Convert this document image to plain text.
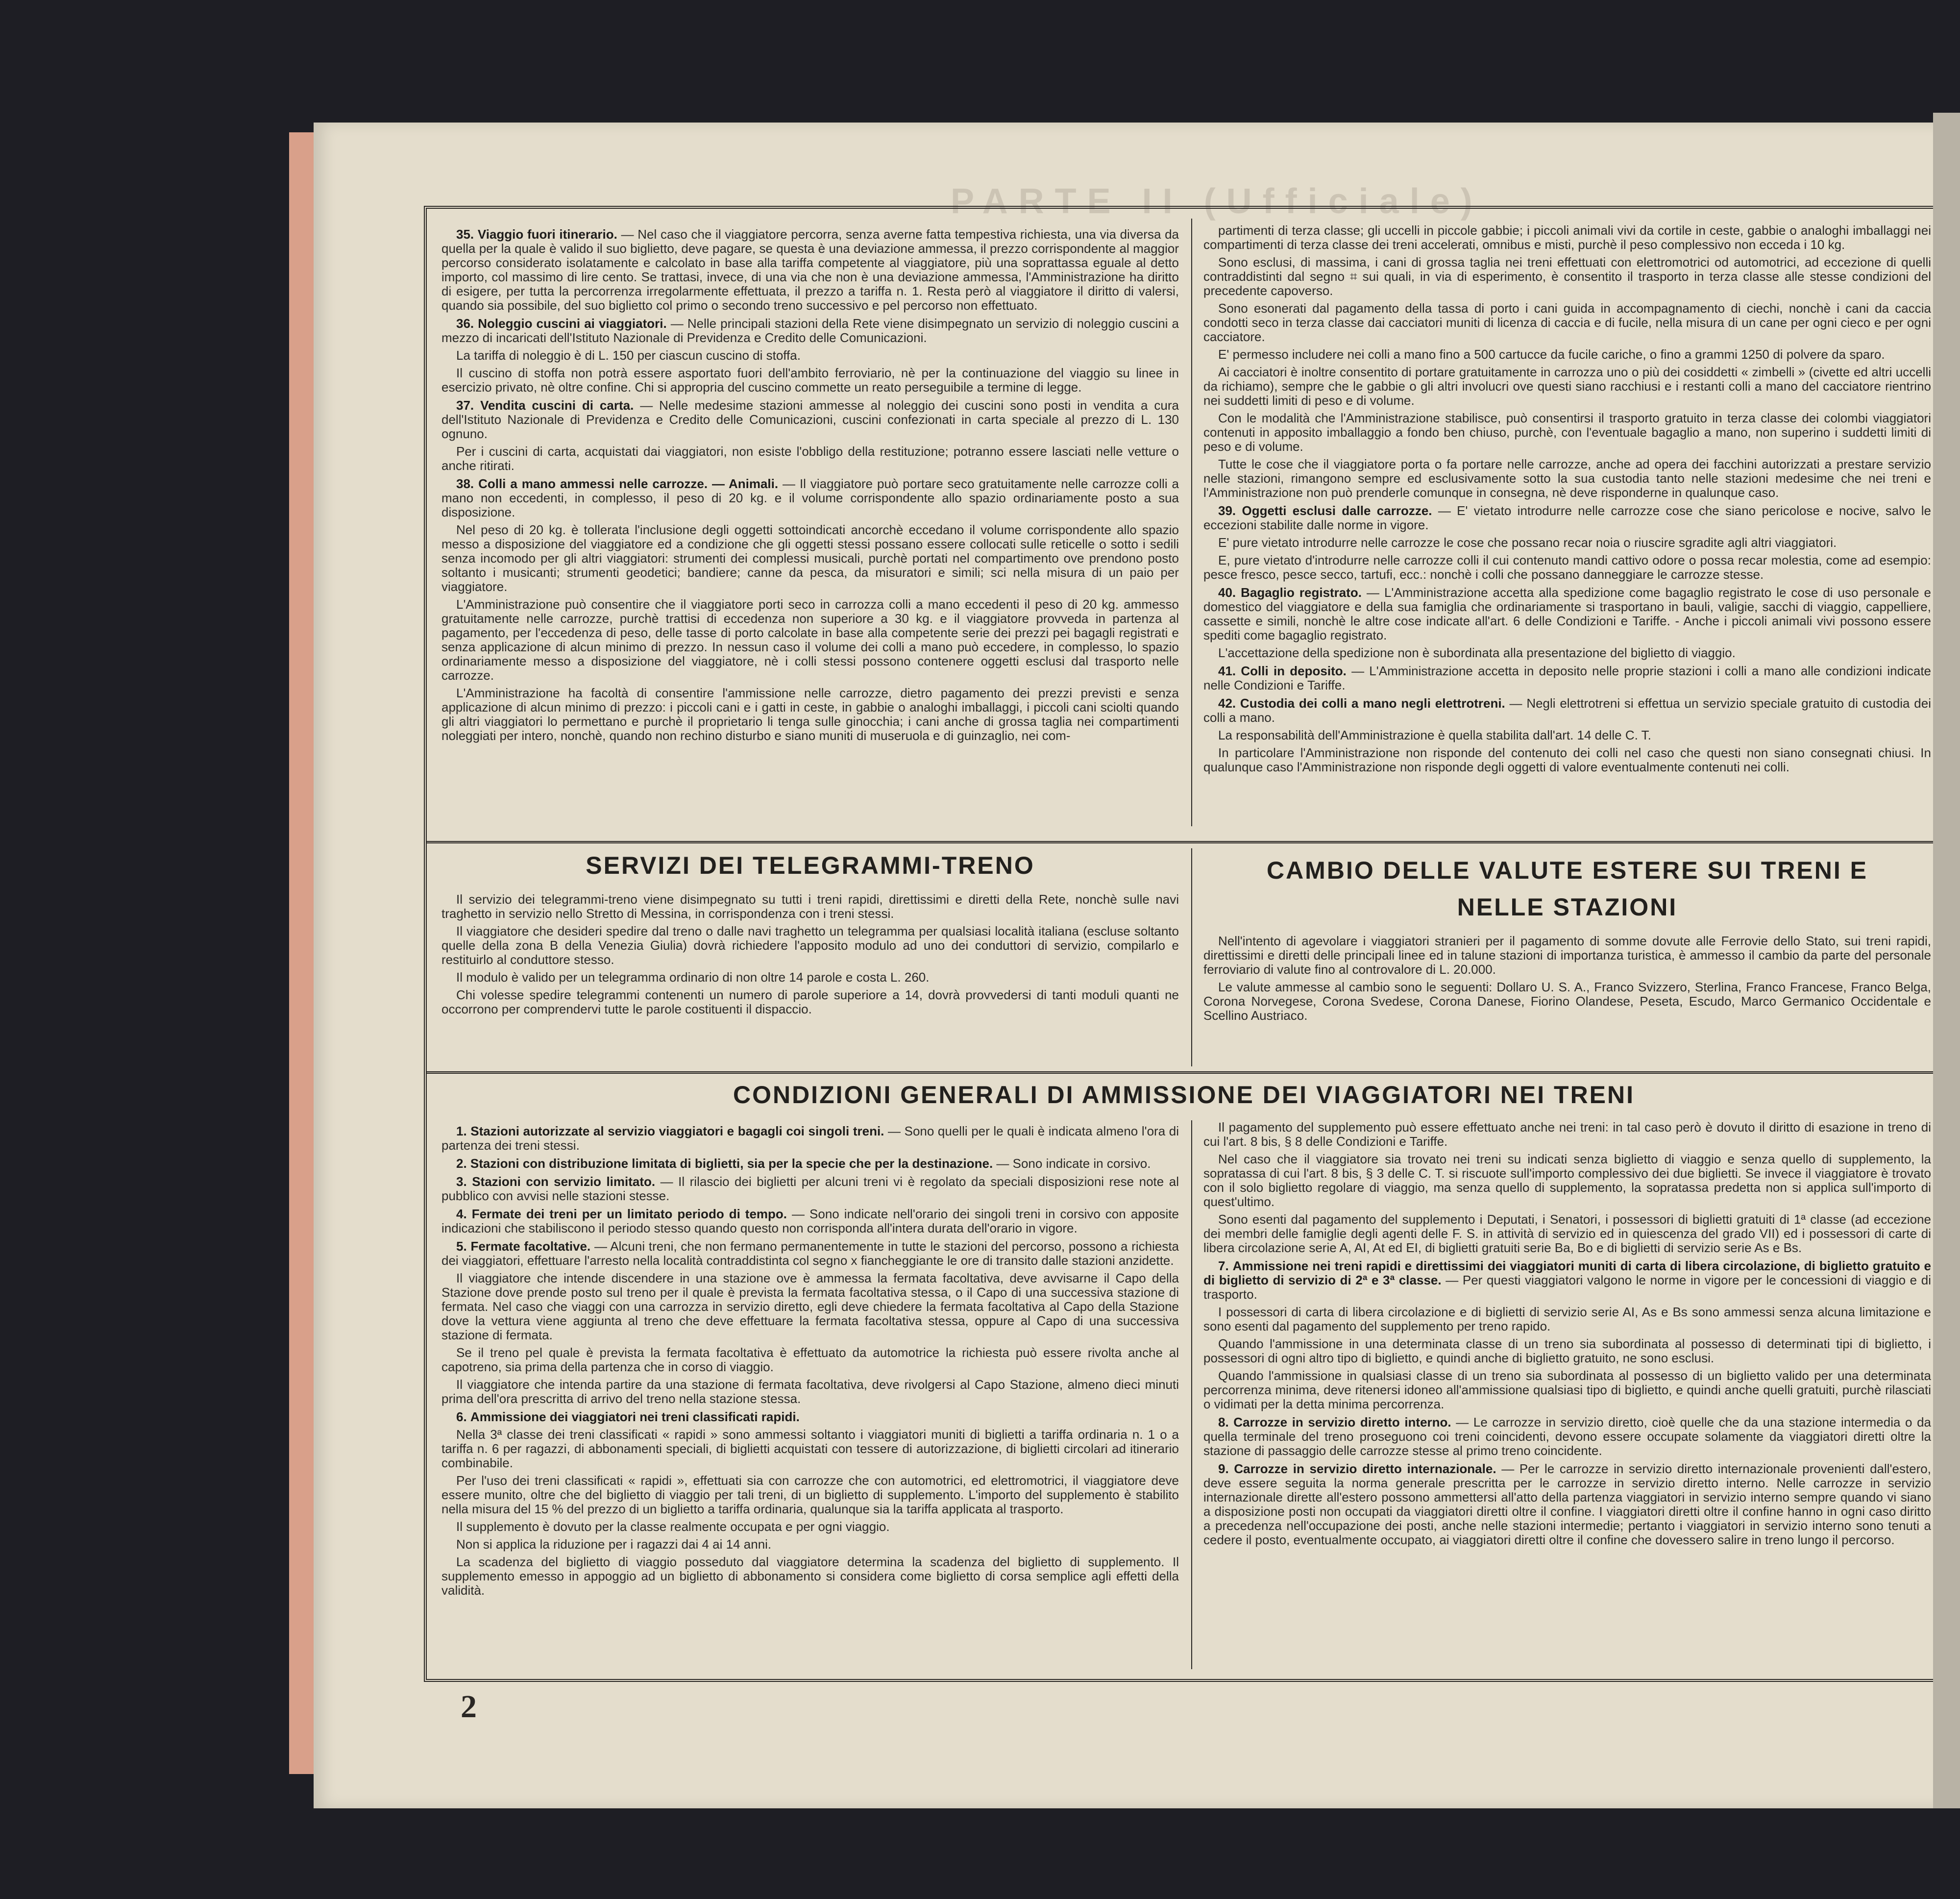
PARTE II (Ufficiale)

35. Viaggio fuori itinerario. — Nel caso che il viaggiatore percorra, senza averne fatta tempestiva richiesta, una via diversa da quella per la quale è valido il suo biglietto, deve pagare, se questa è una deviazione ammessa, il prezzo corrispondente al maggior percorso considerato isolatamente e calcolato in base alla tariffa competente al viaggiatore, più una soprattassa eguale al detto importo, col massimo di lire cento. Se trattasi, invece, di una via che non è una deviazione ammessa, l'Amministrazione ha diritto di esigere, per tutta la percorrenza irregolarmente effettuata, il prezzo a tariffa n. 1. Resta però al viaggiatore il diritto di valersi, quando sia possibile, del suo biglietto col primo o secondo treno successivo e pel percorso non effettuato.

36. Noleggio cuscini ai viaggiatori. — Nelle principali stazioni della Rete viene disimpegnato un servizio di noleggio cuscini a mezzo di incaricati dell'Istituto Nazionale di Previdenza e Credito delle Comunicazioni.

La tariffa di noleggio è di L. 150 per ciascun cuscino di stoffa.

Il cuscino di stoffa non potrà essere asportato fuori dell'ambito ferroviario, nè per la continuazione del viaggio su linee in esercizio privato, nè oltre confine. Chi si appropria del cuscino commette un reato perseguibile a termine di legge.

37. Vendita cuscini di carta. — Nelle medesime stazioni ammesse al noleggio dei cuscini sono posti in vendita a cura dell'Istituto Nazionale di Previdenza e Credito delle Comunicazioni, cuscini confezionati in carta speciale al prezzo di L. 130 ognuno.

Per i cuscini di carta, acquistati dai viaggiatori, non esiste l'obbligo della restituzione; potranno essere lasciati nelle vetture o anche ritirati.

38. Colli a mano ammessi nelle carrozze. — Animali. — Il viaggiatore può portare seco gratuitamente nelle carrozze colli a mano non eccedenti, in complesso, il peso di 20 kg. e il volume corrispondente allo spazio ordinariamente posto a sua disposizione.

Nel peso di 20 kg. è tollerata l'inclusione degli oggetti sottoindicati ancorchè eccedano il volume corrispondente allo spazio messo a disposizione del viaggiatore ed a condizione che gli oggetti stessi possano essere collocati sulle reticelle o sotto i sedili senza incomodo per gli altri viaggiatori: strumenti dei complessi musicali, purchè portati nel compartimento ove prendono posto soltanto i musicanti; strumenti geodetici; bandiere; canne da pesca, da misuratori e simili; sci nella misura di un paio per viaggiatore.

L'Amministrazione può consentire che il viaggiatore porti seco in carrozza colli a mano eccedenti il peso di 20 kg. ammesso gratuitamente nelle carrozze, purchè trattisi di eccedenza non superiore a 30 kg. e il viaggiatore provveda in partenza al pagamento, per l'eccedenza di peso, delle tasse di porto calcolate in base alla competente serie dei prezzi pei bagagli registrati e senza applicazione di alcun minimo di prezzo. In nessun caso il volume dei colli a mano può eccedere, in complesso, lo spazio ordinariamente messo a disposizione del viaggiatore, nè i colli stessi possono contenere oggetti esclusi dal trasporto nelle carrozze.

L'Amministrazione ha facoltà di consentire l'ammissione nelle carrozze, dietro pagamento dei prezzi previsti e senza applicazione di alcun minimo di prezzo: i piccoli cani e i gatti in ceste, in gabbie o analoghi imballaggi, i piccoli cani sciolti quando gli altri viaggiatori lo permettano e purchè il proprietario li tenga sulle ginocchia; i cani anche di grossa taglia nei compartimenti noleggiati per intero, nonchè, quando non rechino disturbo e siano muniti di museruola e di guinzaglio, nei com-

partimenti di terza classe; gli uccelli in piccole gabbie; i piccoli animali vivi da cortile in ceste, gabbie o analoghi imballaggi nei compartimenti di terza classe dei treni accelerati, omnibus e misti, purchè il peso complessivo non ecceda i 10 kg.

Sono esclusi, di massima, i cani di grossa taglia nei treni effettuati con elettromotrici od automotrici, ad eccezione di quelli contraddistinti dal segno ⌗ sui quali, in via di esperimento, è consentito il trasporto in terza classe alle stesse condizioni del precedente capoverso.

Sono esonerati dal pagamento della tassa di porto i cani guida in accompagnamento di ciechi, nonchè i cani da caccia condotti seco in terza classe dai cacciatori muniti di licenza di caccia e di fucile, nella misura di un cane per ogni cieco e per ogni cacciatore.

E' permesso includere nei colli a mano fino a 500 cartucce da fucile cariche, o fino a grammi 1250 di polvere da sparo.

Ai cacciatori è inoltre consentito di portare gratuitamente in carrozza uno o più dei cosiddetti « zimbelli » (civette ed altri uccelli da richiamo), sempre che le gabbie o gli altri involucri ove questi siano racchiusi e i restanti colli a mano del cacciatore rientrino nei suddetti limiti di peso e di volume.

Con le modalità che l'Amministrazione stabilisce, può consentirsi il trasporto gratuito in terza classe dei colombi viaggiatori contenuti in apposito imballaggio a fondo ben chiuso, purchè, con l'eventuale bagaglio a mano, non superino i suddetti limiti di peso e di volume.

Tutte le cose che il viaggiatore porta o fa portare nelle carrozze, anche ad opera dei facchini autorizzati a prestare servizio nelle stazioni, rimangono sempre ed esclusivamente sotto la sua custodia tanto nelle stazioni medesime che nei treni e l'Amministrazione non può prenderle comunque in consegna, nè deve risponderne in qualunque caso.

39. Oggetti esclusi dalle carrozze. — E' vietato introdurre nelle carrozze cose che siano pericolose e nocive, salvo le eccezioni stabilite dalle norme in vigore.

E' pure vietato introdurre nelle carrozze le cose che possano recar noia o riuscire sgradite agli altri viaggiatori.

E, pure vietato d'introdurre nelle carrozze colli il cui contenuto mandi cattivo odore o possa recar molestia, come ad esempio: pesce fresco, pesce secco, tartufi, ecc.: nonchè i colli che possano danneggiare le carrozze stesse.

40. Bagaglio registrato. — L'Amministrazione accetta alla spedizione come bagaglio registrato le cose di uso personale e domestico del viaggiatore e della sua famiglia che ordinariamente si trasportano in bauli, valigie, sacchi di viaggio, cappelliere, cassette e simili, nonchè le altre cose indicate all'art. 6 delle Condizioni e Tariffe. - Anche i piccoli animali vivi possono essere spediti come bagaglio registrato.

L'accettazione della spedizione non è subordinata alla presentazione del biglietto di viaggio.

41. Colli in deposito. — L'Amministrazione accetta in deposito nelle proprie stazioni i colli a mano alle condizioni indicate nelle Condizioni e Tariffe.

42. Custodia dei colli a mano negli elettrotreni. — Negli elettrotreni si effettua un servizio speciale gratuito di custodia dei colli a mano.

La responsabilità dell'Amministrazione è quella stabilita dall'art. 14 delle C. T.

In particolare l'Amministrazione non risponde del contenuto dei colli nel caso che questi non siano consegnati chiusi. In qualunque caso l'Amministrazione non risponde degli oggetti di valore eventualmente contenuti nei colli.

SERVIZI DEI TELEGRAMMI-TRENO

Il servizio dei telegrammi-treno viene disimpegnato su tutti i treni rapidi, direttissimi e diretti della Rete, nonchè sulle navi traghetto in servizio nello Stretto di Messina, in corrispondenza con i treni stessi.

Il viaggiatore che desideri spedire dal treno o dalle navi traghetto un telegramma per qualsiasi località italiana (escluse soltanto quelle della zona B della Venezia Giulia) dovrà richiedere l'apposito modulo ad uno dei conduttori di servizio, compilarlo e restituirlo al conduttore stesso.

Il modulo è valido per un telegramma ordinario di non oltre 14 parole e costa L. 260.

Chi volesse spedire telegrammi contenenti un numero di parole superiore a 14, dovrà provvedersi di tanti moduli quanti ne occorrono per comprendervi tutte le parole costituenti il dispaccio.

CAMBIO DELLE VALUTE ESTERE SUI TRENI E
NELLE STAZIONI

Nell'intento di agevolare i viaggiatori stranieri per il pagamento di somme dovute alle Ferrovie dello Stato, sui treni rapidi, direttissimi e diretti delle principali linee ed in talune stazioni di importanza turistica, è ammesso il cambio da parte del personale ferroviario di valute fino al controvalore di L. 20.000.

Le valute ammesse al cambio sono le seguenti: Dollaro U. S. A., Franco Svizzero, Sterlina, Franco Francese, Franco Belga, Corona Norvegese, Corona Svedese, Corona Danese, Fiorino Olandese, Peseta, Escudo, Marco Germanico Occidentale e Scellino Austriaco.

CONDIZIONI GENERALI DI AMMISSIONE DEI VIAGGIATORI NEI TRENI

1. Stazioni autorizzate al servizio viaggiatori e bagagli coi singoli treni. — Sono quelli per le quali è indicata almeno l'ora di partenza dei treni stessi.

2. Stazioni con distribuzione limitata di biglietti, sia per la specie che per la destinazione. — Sono indicate in corsivo.

3. Stazioni con servizio limitato. — Il rilascio dei biglietti per alcuni treni vi è regolato da speciali disposizioni rese note al pubblico con avvisi nelle stazioni stesse.

4. Fermate dei treni per un limitato periodo di tempo. — Sono indicate nell'orario dei singoli treni in corsivo con apposite indicazioni che stabiliscono il periodo stesso quando questo non corrisponda all'intera durata dell'orario in vigore.

5. Fermate facoltative. — Alcuni treni, che non fermano permanentemente in tutte le stazioni del percorso, possono a richiesta dei viaggiatori, effettuare l'arresto nella località contraddistinta col segno x fiancheggiante le ore di transito dalle stazioni anzidette.

Il viaggiatore che intende discendere in una stazione ove è ammessa la fermata facoltativa, deve avvisarne il Capo della Stazione dove prende posto sul treno per il quale è prevista la fermata facoltativa stessa, o il Capo di una successiva stazione di fermata. Nel caso che viaggi con una carrozza in servizio diretto, egli deve chiedere la fermata facoltativa al Capo della Stazione dove la vettura viene aggiunta al treno che deve effettuare la fermata facoltativa stessa, oppure al Capo di una successiva stazione di fermata.

Se il treno pel quale è prevista la fermata facoltativa è effettuato da automotrice la richiesta può essere rivolta anche al capotreno, sia prima della partenza che in corso di viaggio.

Il viaggiatore che intenda partire da una stazione di fermata facoltativa, deve rivolgersi al Capo Stazione, almeno dieci minuti prima dell'ora prescritta di arrivo del treno nella stazione stessa.

6. Ammissione dei viaggiatori nei treni classificati rapidi.

Nella 3ª classe dei treni classificati « rapidi » sono ammessi soltanto i viaggiatori muniti di biglietti a tariffa ordinaria n. 1 o a tariffa n. 6 per ragazzi, di abbonamenti speciali, di biglietti acquistati con tessere di autorizzazione, di biglietti circolari ad itinerario combinabile.

Per l'uso dei treni classificati « rapidi », effettuati sia con carrozze che con automotrici, ed elettromotrici, il viaggiatore deve essere munito, oltre che del biglietto di viaggio per tali treni, di un biglietto di supplemento. L'importo del supplemento è stabilito nella misura del 15 % del prezzo di un biglietto a tariffa ordinaria, qualunque sia la tariffa applicata al trasporto.

Il supplemento è dovuto per la classe realmente occupata e per ogni viaggio.

Non si applica la riduzione per i ragazzi dai 4 ai 14 anni.

La scadenza del biglietto di viaggio posseduto dal viaggiatore determina la scadenza del biglietto di supplemento. Il supplemento emesso in appoggio ad un biglietto di abbonamento si considera come biglietto di corsa semplice agli effetti della validità.

Il pagamento del supplemento può essere effettuato anche nei treni: in tal caso però è dovuto il diritto di esazione in treno di cui l'art. 8 bis, § 8 delle Condizioni e Tariffe.

Nel caso che il viaggiatore sia trovato nei treni su indicati senza biglietto di viaggio e senza quello di supplemento, la sopratassa di cui l'art. 8 bis, § 3 delle C. T. si riscuote sull'importo complessivo dei due biglietti. Se invece il viaggiatore è trovato con il solo biglietto regolare di viaggio, ma senza quello di supplemento, la sopratassa predetta non si applica sull'importo di quest'ultimo.

Sono esenti dal pagamento del supplemento i Deputati, i Senatori, i possessori di biglietti gratuiti di 1ª classe (ad eccezione dei membri delle famiglie degli agenti delle F. S. in attività di servizio ed in quiescenza del grado VII) ed i possessori di carte di libera circolazione serie A, AI, At ed EI, di biglietti gratuiti serie Ba, Bo e di biglietti di servizio serie As e Bs.

7. Ammissione nei treni rapidi e direttissimi dei viaggiatori muniti di carta di libera circolazione, di biglietto gratuito e di biglietto di servizio di 2ª e 3ª classe. — Per questi viaggiatori valgono le norme in vigore per le concessioni di viaggio e di trasporto.

I possessori di carta di libera circolazione e di biglietti di servizio serie AI, As e Bs sono ammessi senza alcuna limitazione e sono esenti dal pagamento del supplemento per treno rapido.

Quando l'ammissione in una determinata classe di un treno sia subordinata al possesso di determinati tipi di biglietto, i possessori di ogni altro tipo di biglietto, e quindi anche di biglietto gratuito, ne sono esclusi.

Quando l'ammissione in qualsiasi classe di un treno sia subordinata al possesso di un biglietto valido per una determinata percorrenza minima, deve ritenersi idoneo all'ammissione qualsiasi tipo di biglietto, e quindi anche quelli gratuiti, purchè rilasciati o vidimati per la detta minima percorrenza.

8. Carrozze in servizio diretto interno. — Le carrozze in servizio diretto, cioè quelle che da una stazione intermedia o da quella terminale del treno proseguono coi treni coincidenti, devono essere occupate solamente da viaggiatori diretti oltre la stazione di passaggio delle carrozze stesse al primo treno coincidente.

9. Carrozze in servizio diretto internazionale. — Per le carrozze in servizio diretto internazionale provenienti dall'estero, deve essere seguita la norma generale prescritta per le carrozze in servizio diretto interno. Nelle carrozze in servizio internazionale dirette all'estero possono ammettersi all'atto della partenza viaggiatori in servizio interno sempre quando vi siano a disposizione posti non occupati da viaggiatori diretti oltre il confine. I viaggiatori diretti oltre il confine hanno in ogni caso diritto a precedenza nell'occupazione dei posti, anche nelle stazioni intermedie; pertanto i viaggiatori in servizio interno sono tenuti a cedere il posto, eventualmente occupato, ai viaggiatori diretti oltre il confine che dovessero salire in treno lungo il percorso.

2
